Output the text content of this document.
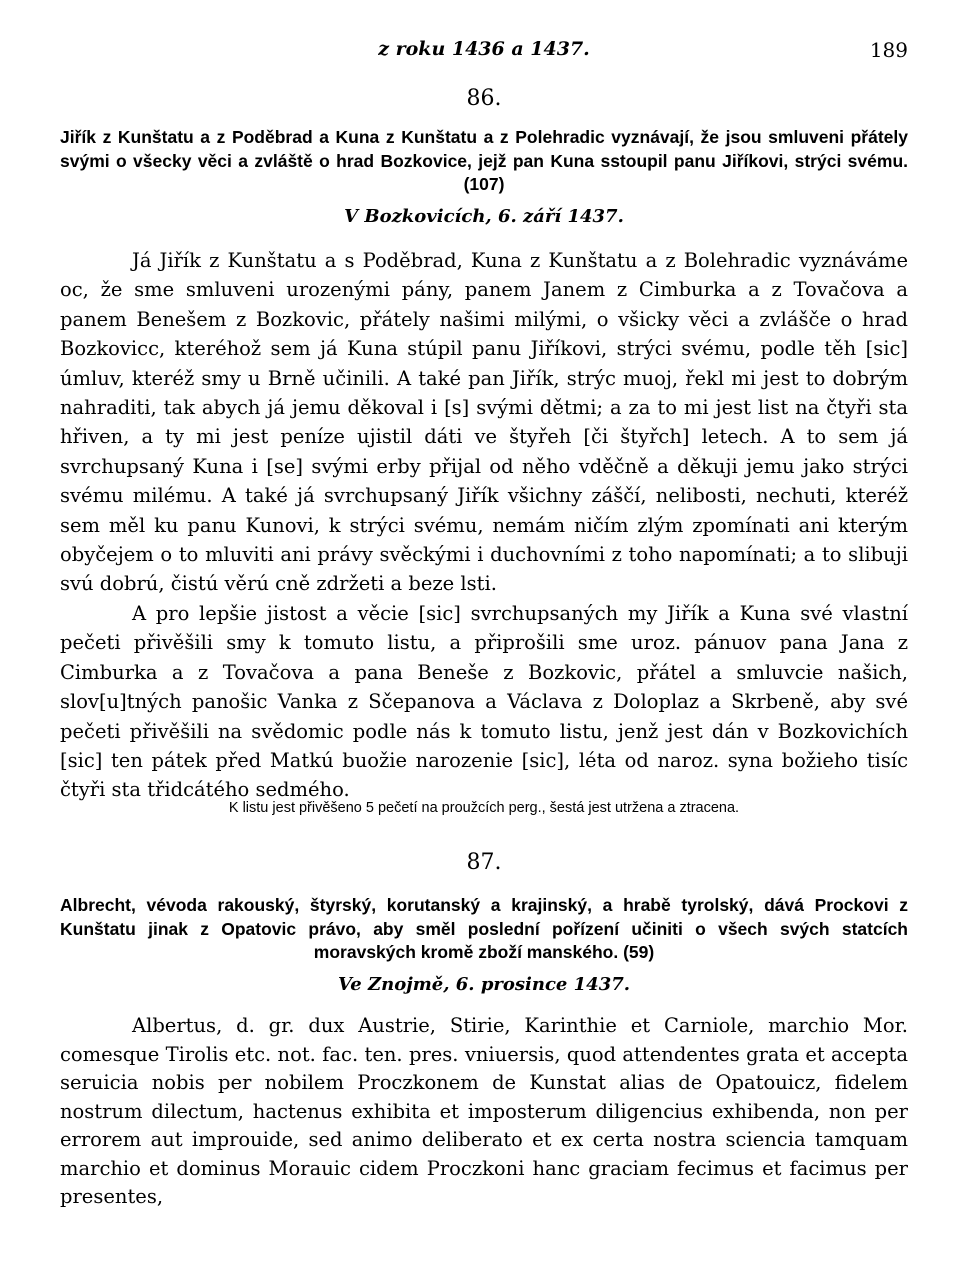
z roku 1436 a 1437.	189
86.
Jiřík z Kunštatu a z Poděbrad a Kuna z Kunštatu a z Polehradic vyznávají, že jsou smluveni přátely svými o všecky věci a zvláště o hrad Bozkovice, jejž pan Kuna sstoupil panu Jiříkovi, strýci svému. (107)
V Bozkovicích, 6. září 1437.

Já Jiřík z Kunštatu a s Poděbrad, Kuna z Kunštatu a z Bolehradic vyznáváme oc, že sme smluveni urozenými pány, panem Janem z Cimburka a z Tovačova a panem Benešem z Bozkovic, přátely našimi milými, o všicky věci a zvlášče o hrad Bozkovicc, kteréhož sem já Kuna stúpil panu Jiříkovi, strýci svému, podle těh [sic] úmluv, kteréž smy u Brně učinili. A také pan Jiřík, strýc muoj, řekl mi jest to dobrým nahraditi, tak abych já jemu děkoval i [s] svými dětmi; a za to mi jest list na čtyři sta hřiven, a ty mi jest peníze ujistil dáti ve štyřeh [či štyřch] letech. A to sem já svrchupsaný Kuna i [se] svými erby přijal od něho vděčně a děkuji jemu jako strýci svému milému. A také já svrchupsaný Jiřík všichny záščí, nelibosti, nechuti, kteréž sem měl ku panu Kunovi, k strýci svému, nemám ničím zlým zpomínati ani kterým obyčejem o to mluviti ani právy svěckými i duchovními z toho napomínati; a to slibuji svú dobrú, čistú věrú cně zdržeti a beze lsti.

A pro lepšie jistost a věcie [sic] svrchupsaných my Jiřík a Kuna své vlastní pečeti přivěšili smy k tomuto listu, a připrošili sme uroz. pánuov pana Jana z Cimburka a z Tovačova a pana Beneše z Bozkovic, přátel a smluvcie našich, slov[u]tných panošic Vanka z Sčepanova a Václava z Doloplaz a Skrbeně, aby své pečeti přivěšili na svědomic podle nás k tomuto listu, jenž jest dán v Bozkovichích [sic] ten pátek před Matkú buožie narozenie [sic], léta od naroz. syna božieho tisíc čtyři sta třidcátého sedmého.

K listu jest přivěšeno 5 pečetí na proužcích perg., šestá jest utržena a ztracena.
87.
Albrecht, vévoda rakouský, štyrský, korutanský a krajinský, a hrabě tyrolský, dává Prockovi z Kunštatu jinak z Opatovic právo, aby směl poslední pořízení učiniti o všech svých statcích moravských kromě zboží manského. (59)
Ve Znojmě, 6. prosince 1437.

Albertus, d. gr. dux Austrie, Stirie, Karinthie et Carniole, marchio Mor. comesque Tirolis etc. not. fac. ten. pres. vniuersis, quod attendentes grata et accepta seruicia nobis per nobilem Proczkonem de Kunstat alias de Opatouicz, fidelem nostrum dilectum, hactenus exhibita et imposterum diligencius exhibenda, non per errorem aut improuide, sed animo deliberato et ex certa nostra sciencia tamquam marchio et dominus Morauic cidem Proczkoni hanc graciam fecimus et facimus per presentes,
